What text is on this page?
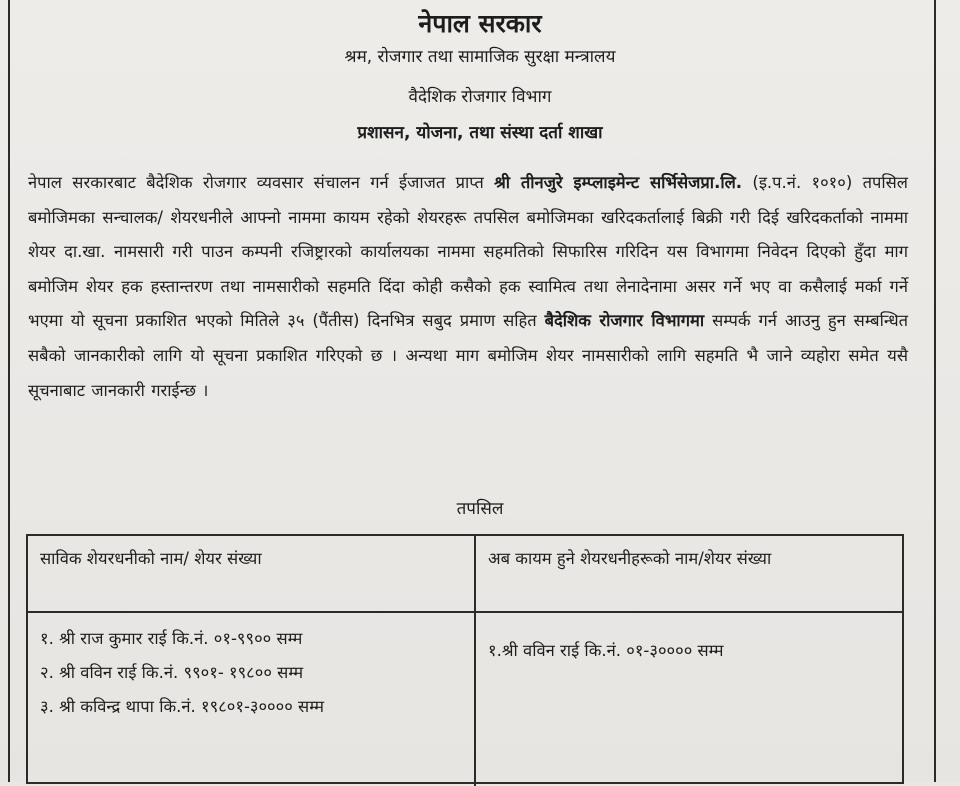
नेपाल सरकार
श्रम, रोजगार तथा सामाजिक सुरक्षा मन्त्रालय
वैदेशिक रोजगार विभाग
प्रशासन, योजना, तथा संस्था दर्ता शाखा
नेपाल सरकारबाट बैदेशिक रोजगार व्यवसार संचालन गर्न ईजाजत प्राप्त श्री तीनजुरे इम्प्लाइमेन्ट सर्भिसेजप्रा.लि. (इ.प.नं. १०१०) तपसिल बमोजिमका सन्चालक/ शेयरधनीले आफ्नो नाममा कायम रहेको शेयरहरू तपसिल बमोजिमका खरिदकर्तालाई बिक्री गरी दिई खरिदकर्ताको नाममा शेयर दा.खा. नामसारी गरी पाउन कम्पनी रजिष्ट्रारको कार्यालयका नाममा सहमतिको सिफारिस गरिदिन यस विभागमा निवेदन दिएको हुँदा माग बमोजिम शेयर हक हस्तान्तरण तथा नामसारीको सहमति दिंदा कोही कसैको हक स्वामित्व तथा लेनादेनामा असर गर्ने भए वा कसैलाई मर्का गर्ने भएमा यो सूचना प्रकाशित भएको मितिले ३५ (पैंतीस) दिनभित्र सबुद प्रमाण सहित बैदेशिक रोजगार विभागमा सम्पर्क गर्न आउनु हुन सम्बन्धित सबैको जानकारीको लागि यो सूचना प्रकाशित गरिएको छ । अन्यथा माग बमोजिम शेयर नामसारीको लागि सहमति भै जाने व्यहोरा समेत यसै सूचनाबाट जानकारी गराईन्छ ।
तपसिल
साविक शेयरधनीको नाम/ शेयर संख्या	अब कायम हुने शेयरधनीहरूको नाम/शेयर संख्या
१. श्री राज कुमार राई कि.नं. ०१-९९०० सम्म
२. श्री वविन राई कि.नं. ९९०१- १९८०० सम्म
३. श्री कविन्द्र थापा कि.नं. १९८०१-३०००० सम्म
१.श्री वविन राई कि.नं. ०१-३०००० सम्म
